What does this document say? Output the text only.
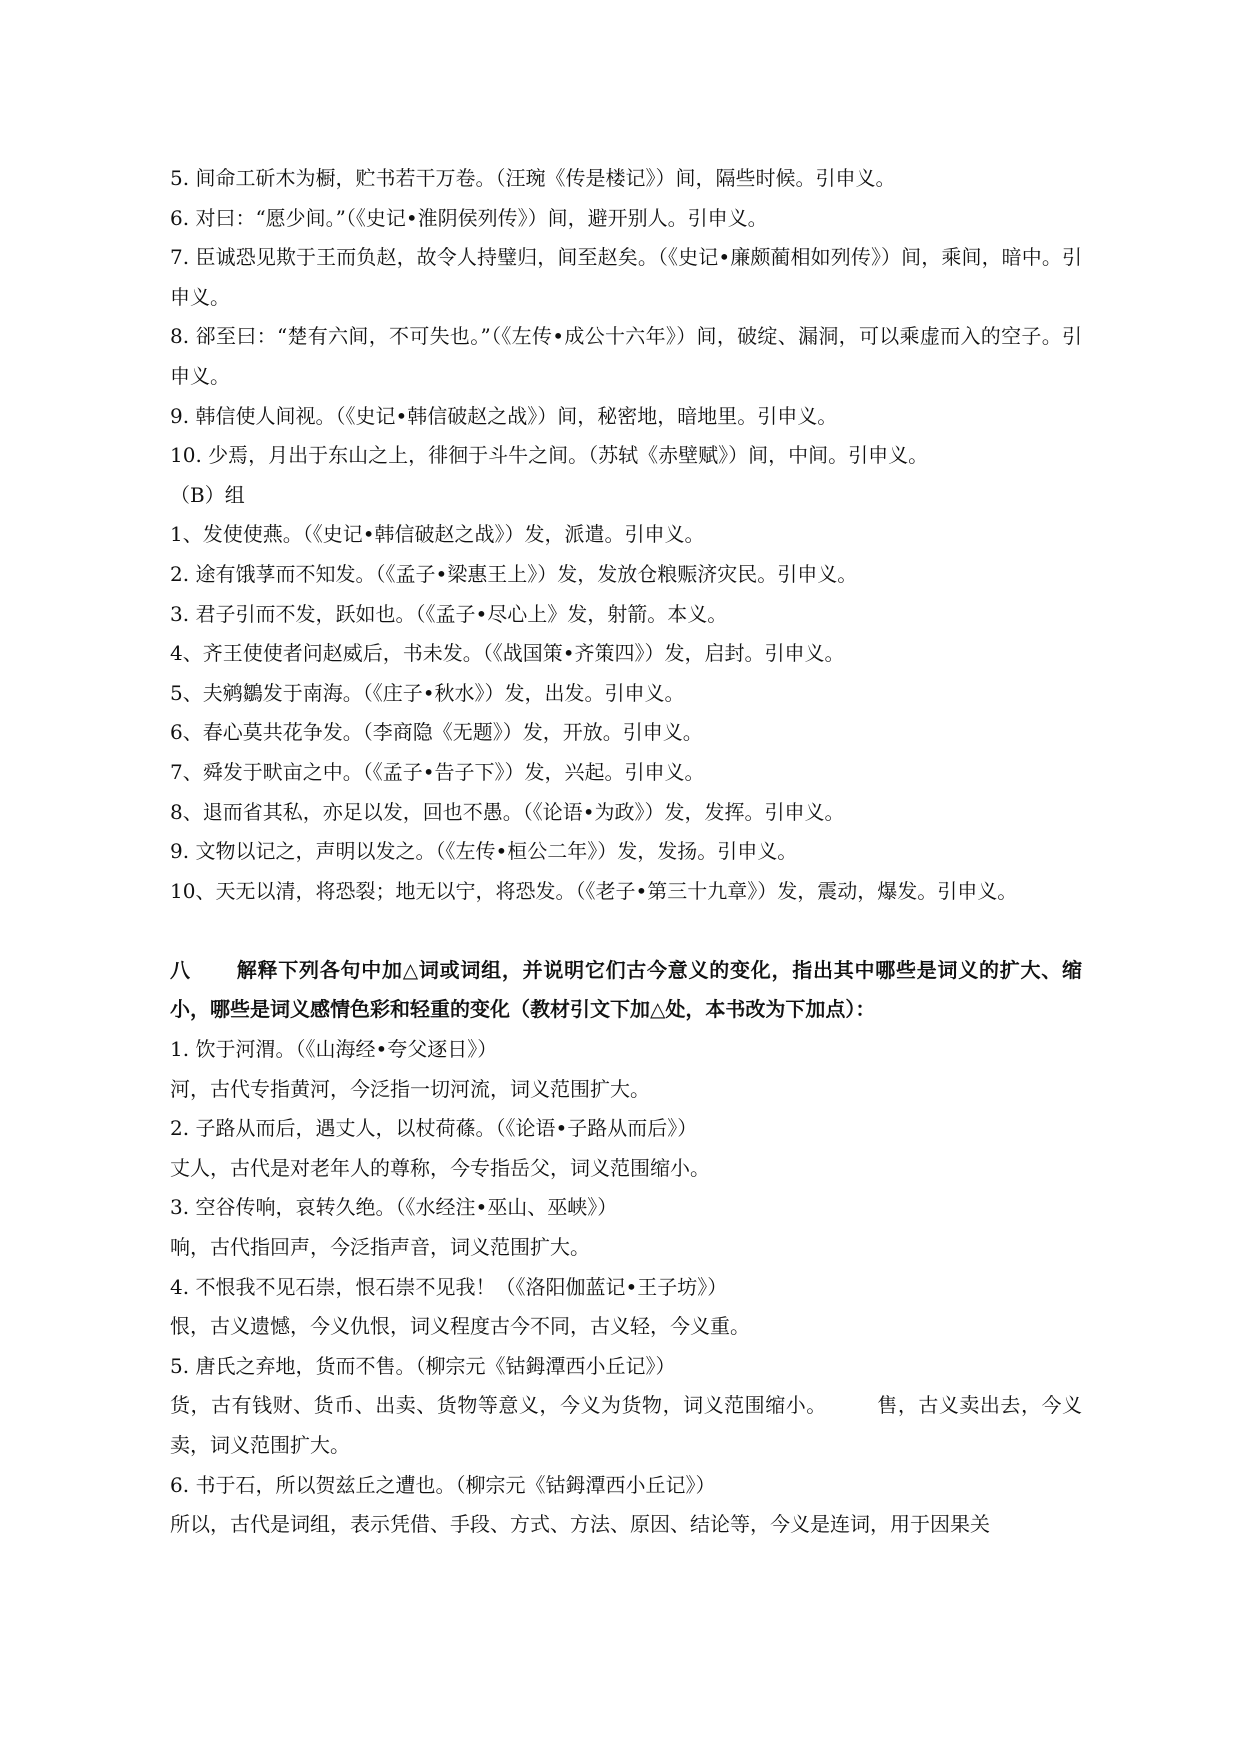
5. 间命工斫木为橱，贮书若干万卷。（汪琬《传是楼记》）间，隔些时候。引申义。

6. 对曰：“愿少间。”（《史记•淮阴侯列传》）间，避开别人。引申义。

7. 臣诚恐见欺于王而负赵，故令人持璧归，间至赵矣。（《史记•廉颇蔺相如列传》）间，乘间，暗中。引申义。

8. 郤至曰：“楚有六间，不可失也。”（《左传•成公十六年》）间，破绽、漏洞，可以乘虚而入的空子。引申义。

9. 韩信使人间视。（《史记•韩信破赵之战》）间，秘密地，暗地里。引申义。

10. 少焉，月出于东山之上，徘徊于斗牛之间。（苏轼《赤壁赋》）间，中间。引申义。

（B）组

1、发使使燕。（《史记•韩信破赵之战》）发，派遣。引申义。

2. 途有饿莩而不知发。（《孟子•梁惠王上》）发，发放仓粮赈济灾民。引申义。

3. 君子引而不发，跃如也。（《孟子•尽心上》发，射箭。本义。

4、齐王使使者问赵威后，书未发。（《战国策•齐策四》）发，启封。引申义。

5、夫鹓鶵发于南海。（《庄子•秋水》）发，出发。引申义。

6、春心莫共花争发。（李商隐《无题》）发，开放。引申义。

7、舜发于畎亩之中。（《孟子•告子下》）发，兴起。引申义。

8、退而省其私，亦足以发，回也不愚。（《论语•为政》）发，发挥。引申义。

9. 文物以记之，声明以发之。（《左传•桓公二年》）发，发扬。引申义。

10、天无以清，将恐裂；地无以宁，将恐发。（《老子•第三十九章》）发，震动，爆发。引申义。

八 解释下列各句中加△词或词组，并说明它们古今意义的变化，指出其中哪些是词义的扩大、缩小，哪些是词义感情色彩和轻重的变化（教材引文下加△处，本书改为下加点）：

1. 饮于河渭。（《山海经•夸父逐日》）

河，古代专指黄河，今泛指一切河流，词义范围扩大。

2. 子路从而后，遇丈人，以杖荷蓧。（《论语•子路从而后》）

丈人，古代是对老年人的尊称，今专指岳父，词义范围缩小。

3. 空谷传响，哀转久绝。（《水经注•巫山、巫峡》）

响，古代指回声，今泛指声音，词义范围扩大。

4. 不恨我不见石崇，恨石崇不见我！（《洛阳伽蓝记•王子坊》）

恨，古义遗憾，今义仇恨，词义程度古今不同，古义轻，今义重。

5. 唐氏之弃地，货而不售。（柳宗元《钴鉧潭西小丘记》）

货，古有钱财、货币、出卖、货物等意义，今义为货物，词义范围缩小。	售，古义卖出去，今义卖，词义范围扩大。

6. 书于石，所以贺兹丘之遭也。（柳宗元《钴鉧潭西小丘记》）

所以，古代是词组，表示凭借、手段、方式、方法、原因、结论等，今义是连词，用于因果关
